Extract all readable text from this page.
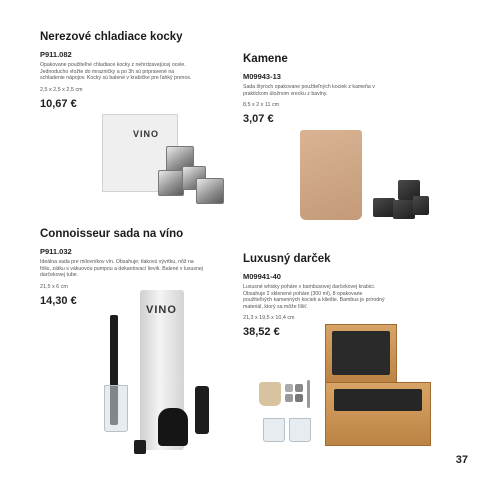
Nerezové chladiace kocky
P911.082
Opakovane použiteľné chladiace kocky z nehrdzavejúcej ocele. Jednoducho vložte do mrazničky a po 3h sú pripravené na schladenie nápojov. Kocky sú balené v krabičke pre ľahký prenos.
2,5 x 2,5 x 2,5 cm
10,67 €
VINO
Kamene
M09943-13
Sada štyroch opakovane použiteľných kociek z kameňa v praktickom úložnom vrecku z bavlny.
8,5 x 2 x 11 cm
3,07 €
Connoisseur sada na víno
P911.032
Ideálna sada pre milovníkov vín. Obsahuje: tlakovú vývrtku, nôž na fóliu, zátku s vákuovou pumpou a dekantovací lievik. Balené v luxusnej darčekovej tube.
21,5 x 6 cm
14,30 €
VINO
Luxusný darček
M09941-40
Luxusné whisky poháre v bambusovej darčekovej krabici. Obsahuje 2 sklenené poháre (300 ml), 8 opakovane použiteľných kamenných kociek a kliešte. Bambus je prírodný materiál, ktorý sa môže líšiť.
21,3 x 19,5 x 10,4 cm
38,52 €
37
